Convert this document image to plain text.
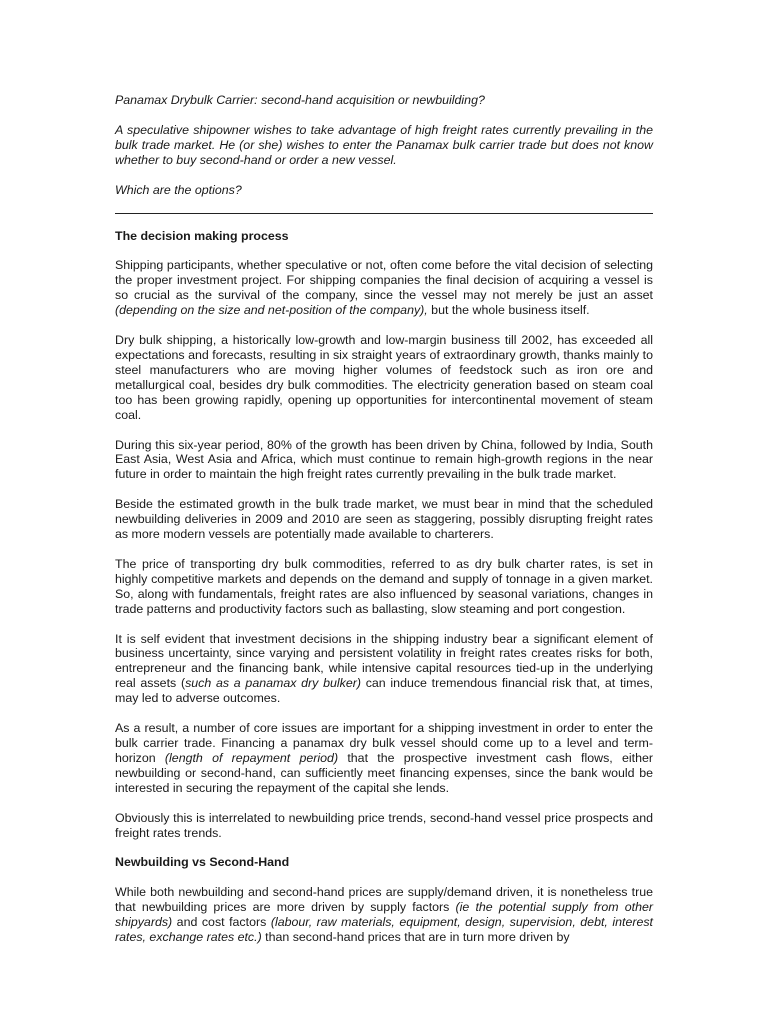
Panamax Drybulk Carrier: second-hand acquisition or newbuilding?

A speculative shipowner wishes to take advantage of high freight rates currently prevailing in the bulk trade market. He (or she) wishes to enter the Panamax bulk carrier trade but does not know whether to buy second-hand or order a new vessel.

Which are the options?

The decision making process

Shipping participants, whether speculative or not, often come before the vital decision of selecting the proper investment project. For shipping companies the final decision of acquiring a vessel is so crucial as the survival of the company, since the vessel may not merely be just an asset (depending on the size and net-position of the company), but the whole business itself.

Dry bulk shipping, a historically low-growth and low-margin business till 2002, has exceeded all expectations and forecasts, resulting in six straight years of extraordinary growth, thanks mainly to steel manufacturers who are moving higher volumes of feedstock such as iron ore and metallurgical coal, besides dry bulk commodities. The electricity generation based on steam coal too has been growing rapidly, opening up opportunities for intercontinental movement of steam coal.

During this six-year period, 80% of the growth has been driven by China, followed by India, South East Asia, West Asia and Africa, which must continue to remain high-growth regions in the near future in order to maintain the high freight rates currently prevailing in the bulk trade market.

Beside the estimated growth in the bulk trade market, we must bear in mind that the scheduled newbuilding deliveries in 2009 and 2010 are seen as staggering, possibly disrupting freight rates as more modern vessels are potentially made available to charterers.

The price of transporting dry bulk commodities, referred to as dry bulk charter rates, is set in highly competitive markets and depends on the demand and supply of tonnage in a given market. So, along with fundamentals, freight rates are also influenced by seasonal variations, changes in trade patterns and productivity factors such as ballasting, slow steaming and port congestion.

It is self evident that investment decisions in the shipping industry bear a significant element of business uncertainty, since varying and persistent volatility in freight rates creates risks for both, entrepreneur and the financing bank, while intensive capital resources tied-up in the underlying real assets (such as a panamax dry bulker) can induce tremendous financial risk that, at times, may led to adverse outcomes.

As a result, a number of core issues are important for a shipping investment in order to enter the bulk carrier trade. Financing a panamax dry bulk vessel should come up to a level and term-horizon (length of repayment period) that the prospective investment cash flows, either newbuilding or second-hand, can sufficiently meet financing expenses, since the bank would be interested in securing the repayment of the capital she lends.

Obviously this is interrelated to newbuilding price trends, second-hand vessel price prospects and freight rates trends.

Newbuilding vs Second-Hand

While both newbuilding and second-hand prices are supply/demand driven, it is nonetheless true that newbuilding prices are more driven by supply factors (ie the potential supply from other shipyards) and cost factors (labour, raw materials, equipment, design, supervision, debt, interest rates, exchange rates etc.) than second-hand prices that are in turn more driven by
